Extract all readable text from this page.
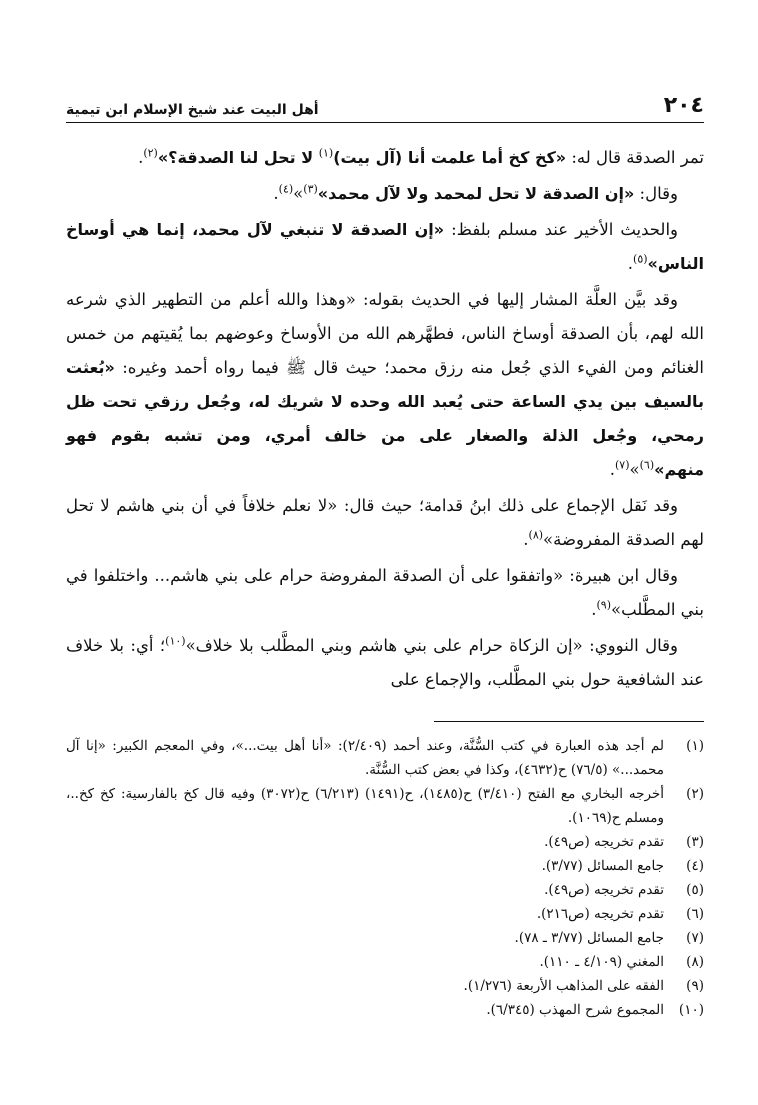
٢٠٤
أهل البيت عند شيخ الإسلام ابن تيمية

تمر الصدقة قال له: «كخ كخ أما علمت أنا (آل بيت)$^{(١)}$ لا تحل لنا الصدقة؟»$^{(٢)}$.

وقال: «إن الصدقة لا تحل لمحمد ولا لآل محمد»$^{(٣)}$»$^{(٤)}$.

والحديث الأخير عند مسلم بلفظ: «إن الصدقة لا تنبغي لآل محمد، إنما هي أوساخ الناس»$^{(٥)}$.

وقد بيَّن العلَّة المشار إليها في الحديث بقوله: «وهذا والله أعلم من التطهير الذي شرعه الله لهم، بأن الصدقة أوساخ الناس، فطهَّرهم الله من الأوساخ وعوضهم بما يُقيتهم من خمس الغنائم ومن الفيء الذي جُعل منه رزق محمد؛ حيث قال ﷺ فيما رواه أحمد وغيره: «بُعثت بالسيف بين يدي الساعة حتى يُعبد الله وحده لا شريك له، وجُعل رزقي تحت ظل رمحي، وجُعل الذلة والصغار على من خالف أمري، ومن تشبه بقوم فهو منهم»$^{(٦)}$»$^{(٧)}$.

وقد نَقل الإجماع على ذلك ابنُ قدامة؛ حيث قال: «لا نعلم خلافاً في أن بني هاشم لا تحل لهم الصدقة المفروضة»$^{(٨)}$.

وقال ابن هبيرة: «واتفقوا على أن الصدقة المفروضة حرام على بني هاشم... واختلفوا في بني المطَّلب»$^{(٩)}$.

وقال النووي: «إن الزكاة حرام على بني هاشم وبني المطَّلب بلا خلاف»$^{(١٠)}$؛ أي: بلا خلاف عند الشافعية حول بني المطَّلب، والإجماع على

(١)
لم أجد هذه العبارة في كتب السُّنَّة، وعند أحمد (٢/٤٠٩): «أنا أهل بيت...»، وفي المعجم الكبير: «إنا آل محمد...» (٧٦/٥) ح(٤٦٣٢)، وكذا في بعض كتب السُّنَّة.
(٢)
أخرجه البخاري مع الفتح (٣/٤١٠) ح(١٤٨٥)، ح(١٤٩١) (٦/٢١٣) ح(٣٠٧٢) وفيه قال كخ بالفارسية: كخ كخ..، ومسلم ح(١٠٦٩).
(٣)
تقدم تخريجه (ص٤٩).
(٤)
جامع المسائل (٣/٧٧).
(٥)
تقدم تخريجه (ص٤٩).
(٦)
تقدم تخريجه (ص٢١٦).
(٧)
جامع المسائل (٣/٧٧ ـ ٧٨).
(٨)
المغني (٤/١٠٩ ـ ١١٠).
(٩)
الفقه على المذاهب الأربعة (١/٢٧٦).
(١٠)
المجموع شرح المهذب (٦/٣٤٥).
